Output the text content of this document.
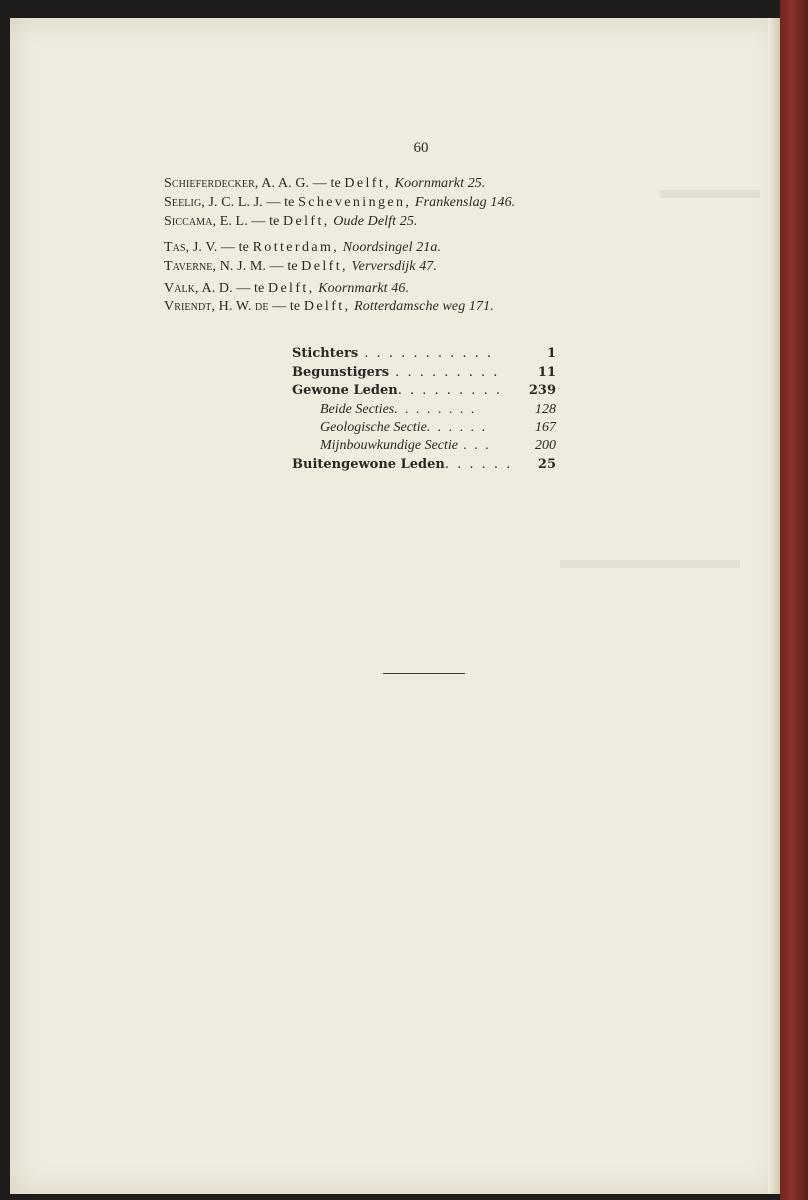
60
Schieferdecker, A. A. G. — te Delft, Koornmarkt 25.
Seelig, J. C. L. J. — te Scheveningen, Frankenslag 146.
Siccama, E. L. — te Delft, Oude Delft 25.
Tas, J. V. — te Rotterdam, Noordsingel 21a.
Taverne, N. J. M. — te Delft, Verversdijk 47.
Valk, A. D. — te Delft, Koornmarkt 46.
Vriendt, H. W. de — te Delft, Rotterdamsche weg 171.
Stichters . . . . . . . . . . .	1
Begunstigers . . . . . . . . .	11
Gewone Leden. . . . . . . . . 239
Beide Secties. . . . . . . .	128
Geologische Sectie. . . . . .	167
Mijnbouwkundige Sectie . . .	200
Buitengewone Leden. . . . . . 25
